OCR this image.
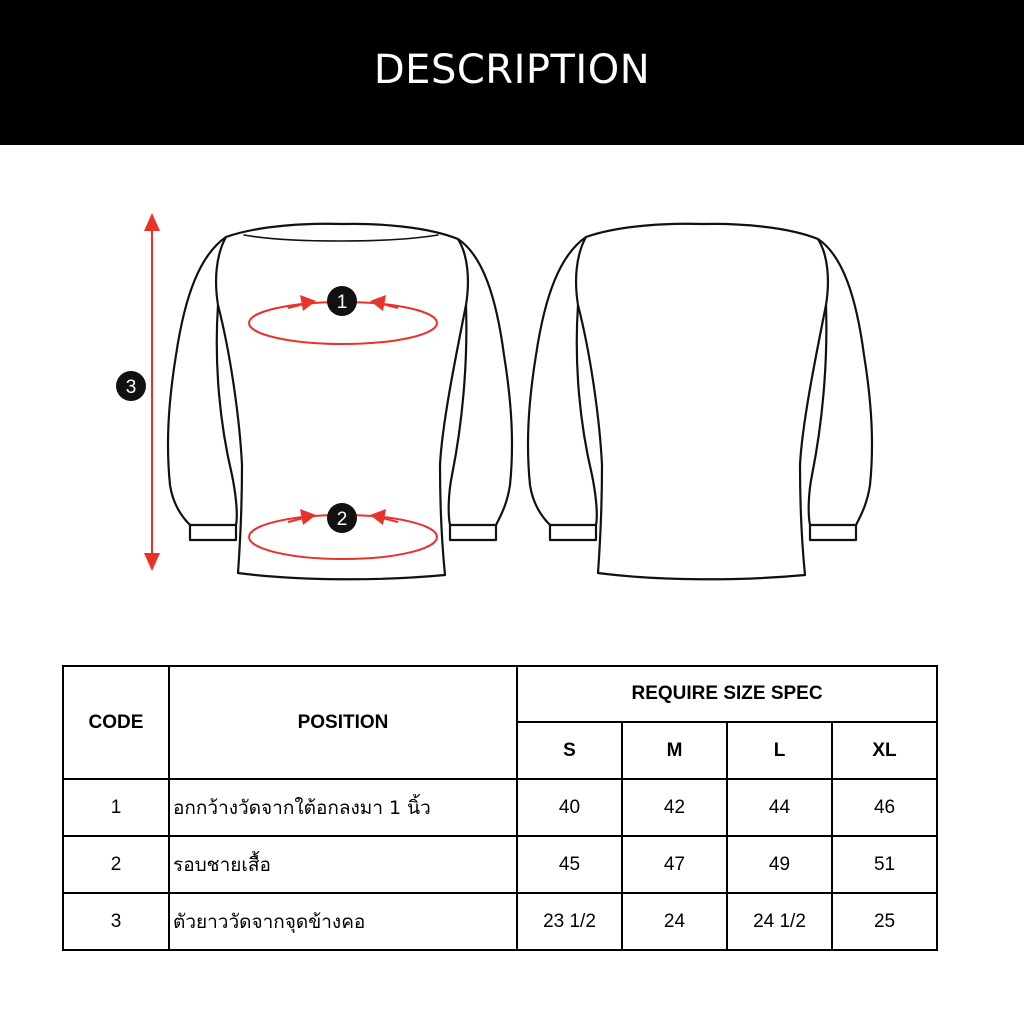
DESCRIPTION
1
2
3
CODE	POSITION	REQUIRE SIZE SPEC			
		S	M	L	XL
1	อกกว้างวัดจากใต้อกลงมา 1 นิ้ว	40	42	44	46
2	รอบชายเสื้อ	45	47	49	51
3	ตัวยาววัดจากจุดข้างคอ	23 1/2	24	24 1/2	25
